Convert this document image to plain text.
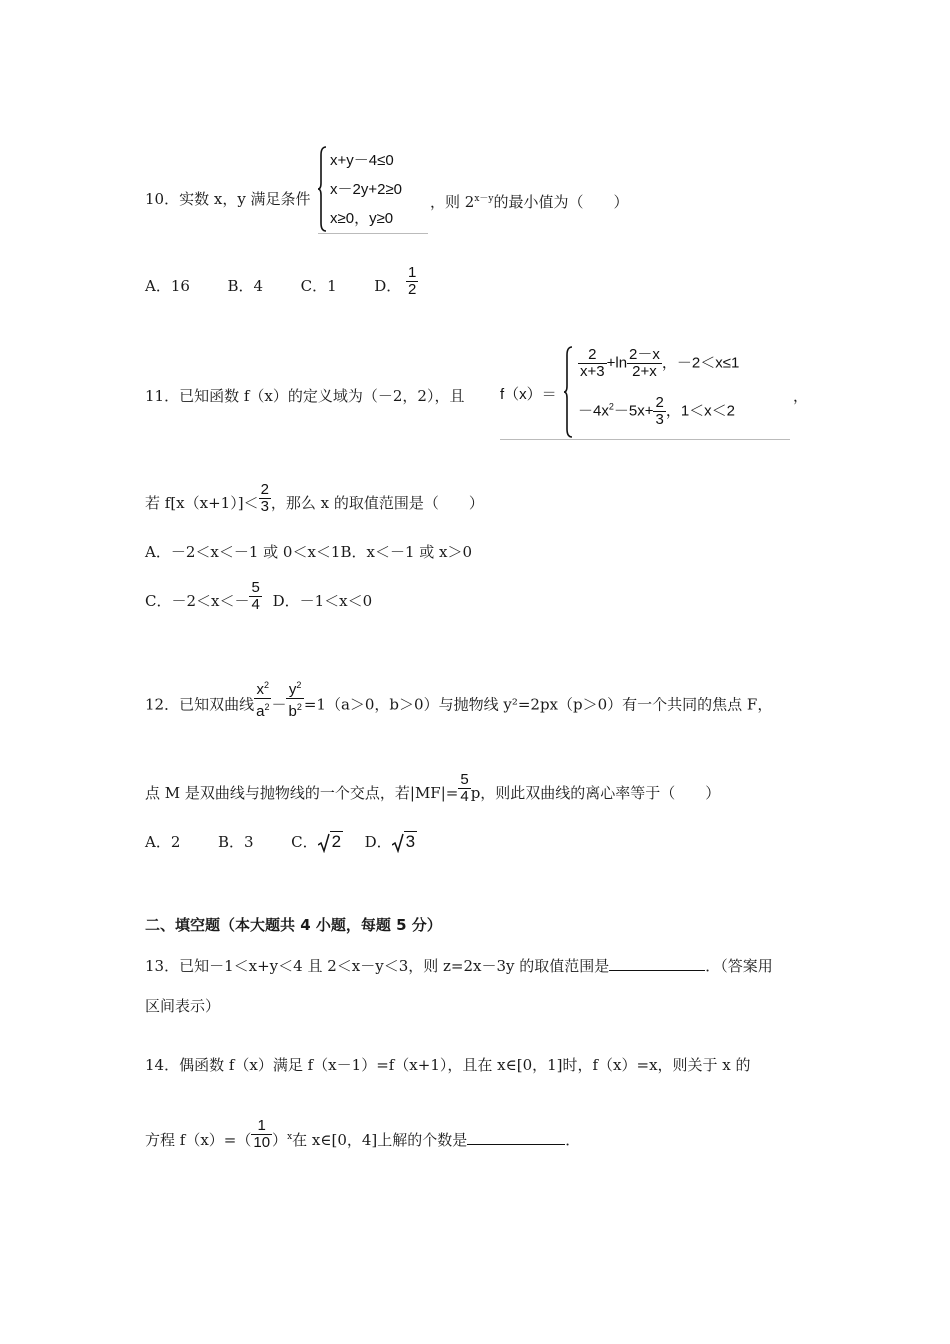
10．实数 x，y 满足条件
x+y－4≤0
x－2y+2≥0
x≥0，y≥0
，则 $2^{x-y}$的最小值为（　　）
A．16	B．4	C．1	D． $\frac{1}{2}$
11．已知函数 f（x）的定义域为（－2，2），且 f（x）＝
$\frac{2}{x+3} +\ln \frac{2-x}{2+x}$ ，－2＜x≤1
$-4x^2-5x+ \frac{2}{3}$ ，1＜x＜2
，
若 $f[x(x+1)]< \frac{2}{3}$ ，那么 x 的取值范围是（　　）
A．－2＜x＜－1 或 0＜x＜1B．x＜－1 或 x＞0
C．$-2<x<- \frac{5}{4}$ D．－1＜x＜0
12．已知双曲线 $\frac{x^2}{a^2} - \frac{y^2}{b^2} =1(a>0$，b＞0）与抛物线 y²=2px（p＞0）有一个共同的焦点 F，
点 M 是双曲线与抛物线的一个交点，若$|MF|= \frac{5}{4}$ p，则此双曲线的离心率等于（　　）
A．2	B．3	C． 2 D． 3
二、填空题（本大题共 4 小题，每题 5 分）
13．已知－1＜x+y＜4 且 2＜x－y＜3，则 z=2x－3y 的取值范围是	．（答案用
区间表示）
14．偶函数 f（x）满足 f（x－1）=f（x+1），且在 x∈[0，1]时，f（x）=x，则关于 x 的
方程 $f(x)=( \frac{1}{10} )^x$在 x∈[0，4]上解的个数是	．
